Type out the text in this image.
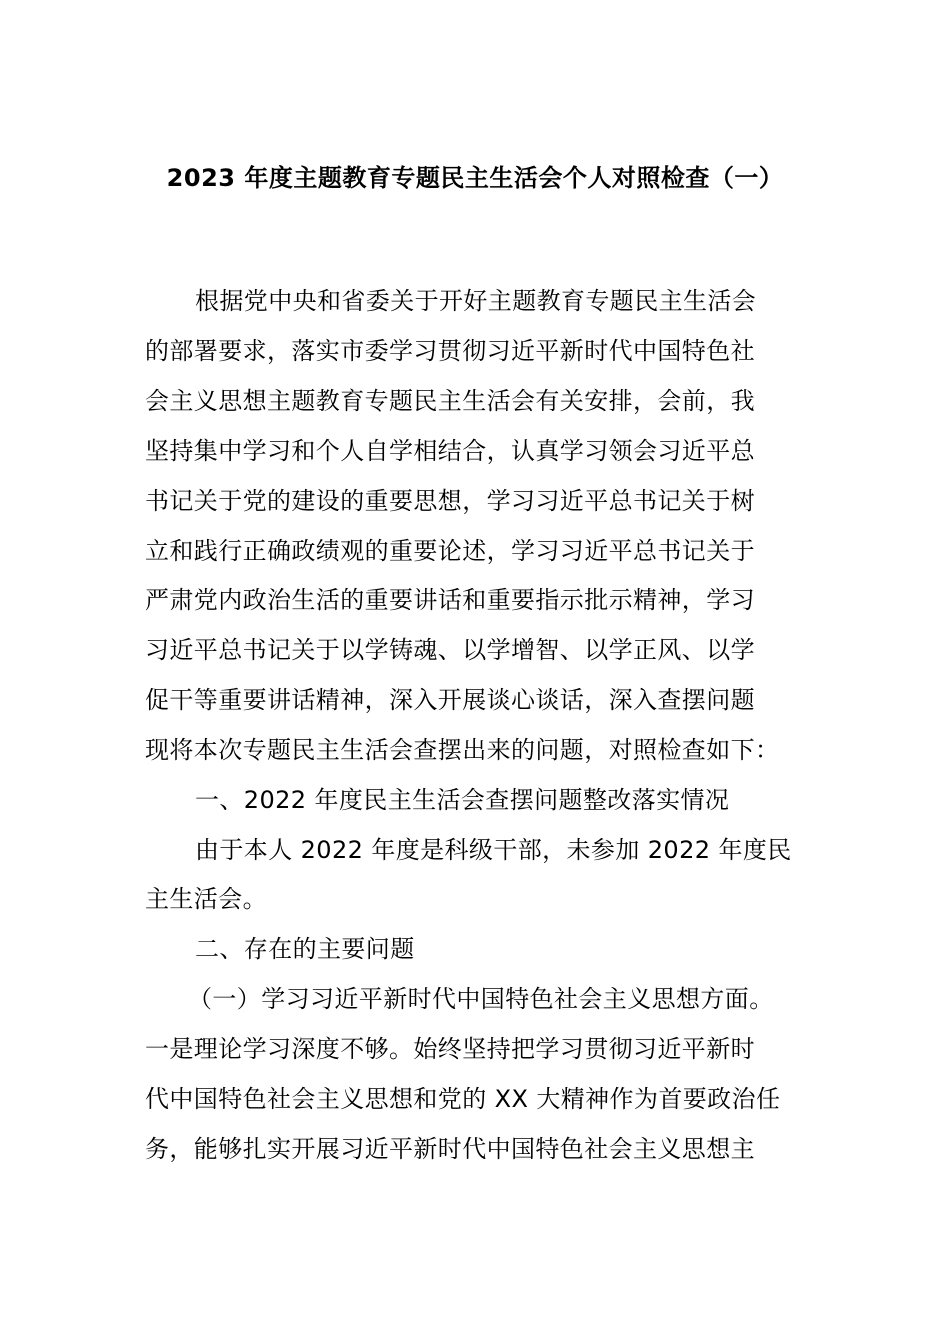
2023 年度主题教育专题民主生活会个人对照检查（一）
根据党中央和省委关于开好主题教育专题民主生活会
的部署要求，落实市委学习贯彻习近平新时代中国特色社
会主义思想主题教育专题民主生活会有关安排，会前，我
坚持集中学习和个人自学相结合，认真学习领会习近平总
书记关于党的建设的重要思想，学习习近平总书记关于树
立和践行正确政绩观的重要论述，学习习近平总书记关于
严肃党内政治生活的重要讲话和重要指示批示精神，学习
习近平总书记关于以学铸魂、以学增智、以学正风、以学
促干等重要讲话精神，深入开展谈心谈话，深入查摆问题
现将本次专题民主生活会查摆出来的问题，对照检查如下：
一、2022 年度民主生活会查摆问题整改落实情况
由于本人 2022 年度是科级干部，未参加 2022 年度民
主生活会。
二、存在的主要问题
（一）学习习近平新时代中国特色社会主义思想方面。
一是理论学习深度不够。始终坚持把学习贯彻习近平新时
代中国特色社会主义思想和党的 XX 大精神作为首要政治任
务，能够扎实开展习近平新时代中国特色社会主义思想主
